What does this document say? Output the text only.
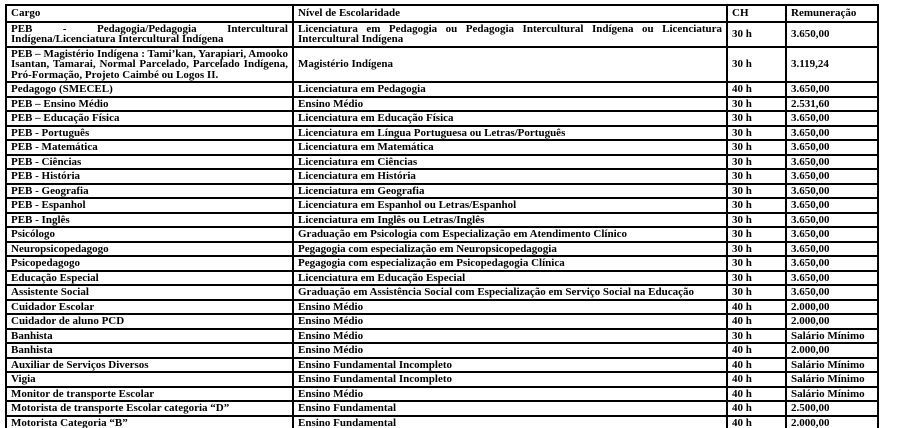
Cargo	Nível de Escolaridade	CH	Remuneração
PEB - Pedagogia/Pedagogia Intercultural Indígena/Licenciatura Intercultural Indígena	Licenciatura em Pedagogia ou Pedagogia Intercultural Indígena ou Licenciatura Intercultural Indígena	30 h	3.650,00
PEB – Magistério Indígena : Tami’kan, Yarapiari, Amooko Isantan, Tamarai, Normal Parcelado, Parcelado Indígena, Pró-Formação, Projeto Caimbé ou Logos II.	Magistério Indígena	30 h	3.119,24
Pedagogo (SMECEL)	Licenciatura em Pedagogia	40 h	3.650,00
PEB – Ensino Médio	Ensino Médio	30 h	2.531,60
PEB – Educação Física	Licenciatura em Educação Física	30 h	3.650,00
PEB - Português	Licenciatura em Língua Portuguesa ou Letras/Português	30 h	3.650,00
PEB - Matemática	Licenciatura em Matemática	30 h	3.650,00
PEB - Ciências	Licenciatura em Ciências	30 h	3.650,00
PEB - História	Licenciatura em História	30 h	3.650,00
PEB - Geografia	Licenciatura em Geografia	30 h	3.650,00
PEB - Espanhol	Licenciatura em Espanhol ou Letras/Espanhol	30 h	3.650,00
PEB - Inglês	Licenciatura em Inglês ou Letras/Inglês	30 h	3.650,00
Psicólogo	Graduação em Psicologia com Especialização em Atendimento Clínico	30 h	3.650,00
Neuropsicopedagogo	Pegagogia com especialização em Neuropsicopedagogia	30 h	3.650,00
Psicopedagogo	Pegagogia com especialização em Psicopedagogia Clínica	30 h	3.650,00
Educação Especial	Licenciatura em Educação Especial	30 h	3.650,00
Assistente Social	Graduação em Assistência Social com Especialização em Serviço Social na Educação	30 h	3.650,00
Cuidador Escolar	Ensino Médio	40 h	2.000,00
Cuidador de aluno PCD	Ensino Médio	40 h	2.000,00
Banhista	Ensino Médio	30 h	Salário Mínimo
Banhista	Ensino Médio	40 h	2.000,00
Auxiliar de Serviços Diversos	Ensino Fundamental Incompleto	40 h	Salário Mínimo
Vigia	Ensino Fundamental Incompleto	40 h	Salário Mínimo
Monitor de transporte Escolar	Ensino Médio	40 h	Salário Mínimo
Motorista de transporte Escolar categoria “D”	Ensino Fundamental	40 h	2.500,00
Motorista Categoria “B”	Ensino Fundamental	40 h	2.000,00
